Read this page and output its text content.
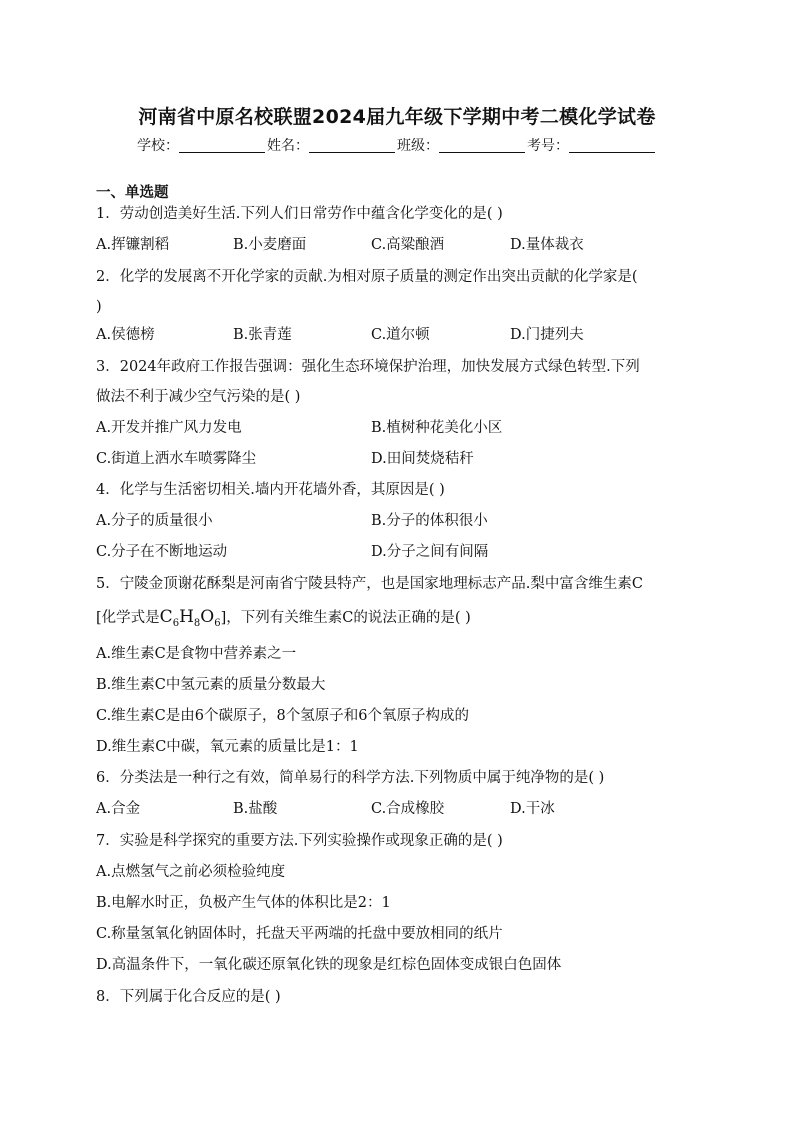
河南省中原名校联盟2024届九年级下学期中考二模化学试卷
学校：	姓名：	班级：	考号：
一、单选题
1．劳动创造美好生活.下列人们日常劳作中蕴含化学变化的是( )
A.挥镰割稻	B.小麦磨面	C.高粱酿酒	D.量体裁衣
2．化学的发展离不开化学家的贡献.为相对原子质量的测定作出突出贡献的化学家是(
)
A.侯德榜	B.张青莲	C.道尔顿	D.门捷列夫
3．2024年政府工作报告强调：强化生态环境保护治理，加快发展方式绿色转型.下列
做法不利于减少空气污染的是( )
A.开发并推广风力发电	B.植树种花美化小区
C.街道上洒水车喷雾降尘	D.田间焚烧秸秆
4．化学与生活密切相关.墙内开花墙外香，其原因是( )
A.分子的质量很小	B.分子的体积很小
C.分子在不断地运动	D.分子之间有间隔
5．宁陵金顶谢花酥梨是河南省宁陵县特产，也是国家地理标志产品.梨中富含维生素C
[化学式是$C_6H_8O_6$]，下列有关维生素C的说法正确的是( )
A.维生素C是食物中营养素之一
B.维生素C中氢元素的质量分数最大
C.维生素C是由6个碳原子，8个氢原子和6个氧原子构成的
D.维生素C中碳，氧元素的质量比是1：1
6．分类法是一种行之有效，简单易行的科学方法.下列物质中属于纯净物的是( )
A.合金	B.盐酸	C.合成橡胶	D.干冰
7．实验是科学探究的重要方法.下列实验操作或现象正确的是( )
A.点燃氢气之前必须检验纯度
B.电解水时正，负极产生气体的体积比是2：1
C.称量氢氧化钠固体时，托盘天平两端的托盘中要放相同的纸片
D.高温条件下，一氧化碳还原氧化铁的现象是红棕色固体变成银白色固体
8．下列属于化合反应的是( )
